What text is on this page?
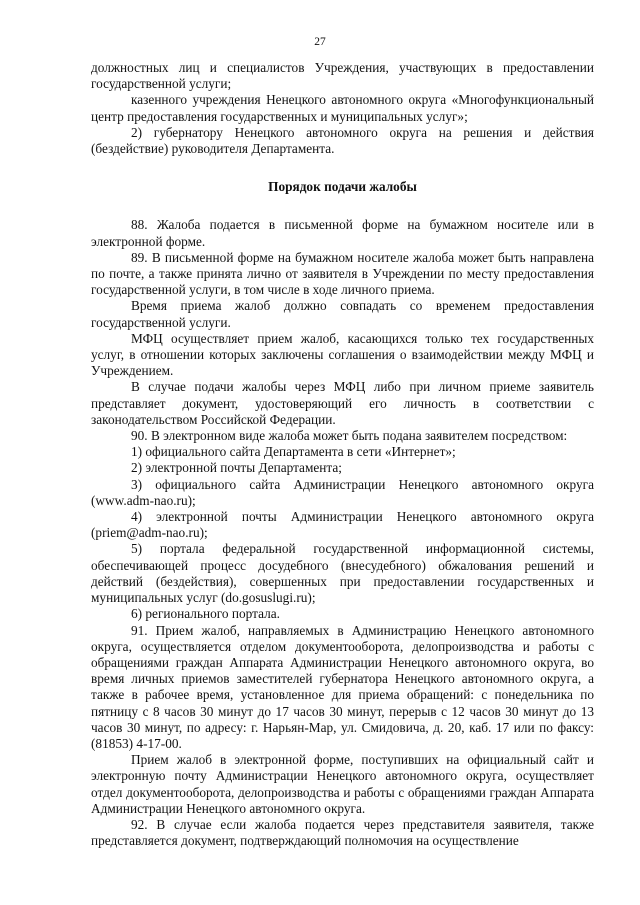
27

должностных лиц и специалистов Учреждения, участвующих в предоставлении государственной услуги;

казенного учреждения Ненецкого автономного округа «Многофункциональный центр предоставления государственных и муниципальных услуг»;

2) губернатору Ненецкого автономного округа на решения и действия (бездействие) руководителя Департамента.

Порядок подачи жалобы

88. Жалоба подается в письменной форме на бумажном носителе или в электронной форме.

89. В письменной форме на бумажном носителе жалоба может быть направлена по почте, а также принята лично от заявителя в Учреждении по месту предоставления государственной услуги, в том числе в ходе личного приема.

Время приема жалоб должно совпадать со временем предоставления государственной услуги.

МФЦ осуществляет прием жалоб, касающихся только тех государственных услуг, в отношении которых заключены соглашения о взаимодействии между МФЦ и Учреждением.

В случае подачи жалобы через МФЦ либо при личном приеме заявитель представляет документ, удостоверяющий его личность в соответствии с законодательством Российской Федерации.

90. В электронном виде жалоба может быть подана заявителем посредством:

1) официального сайта Департамента в сети «Интернет»;

2) электронной почты Департамента;

3) официального сайта Администрации Ненецкого автономного округа (www.adm-nao.ru);

4) электронной почты Администрации Ненецкого автономного округа (priem@adm-nao.ru);

5) портала федеральной государственной информационной системы, обеспечивающей процесс досудебного (внесудебного) обжалования решений и действий (бездействия), совершенных при предоставлении государственных и муниципальных услуг (do.gosuslugi.ru);

6) регионального портала.

91. Прием жалоб, направляемых в Администрацию Ненецкого автономного округа, осуществляется отделом документооборота, делопроизводства и работы с обращениями граждан Аппарата Администрации Ненецкого автономного округа, во время личных приемов заместителей губернатора Ненецкого автономного округа, а также в рабочее время, установленное для приема обращений: с понедельника по пятницу с 8 часов 30 минут до 17 часов 30 минут, перерыв с 12 часов 30 минут до 13 часов 30 минут, по адресу: г. Нарьян-Мар, ул. Смидовича, д. 20, каб. 17 или по факсу: (81853) 4-17-00.

Прием жалоб в электронной форме, поступивших на официальный сайт и электронную почту Администрации Ненецкого автономного округа, осуществляет отдел документооборота, делопроизводства и работы с обращениями граждан Аппарата Администрации Ненецкого автономного округа.

92. В случае если жалоба подается через представителя заявителя, также представляется документ, подтверждающий полномочия на осуществление
